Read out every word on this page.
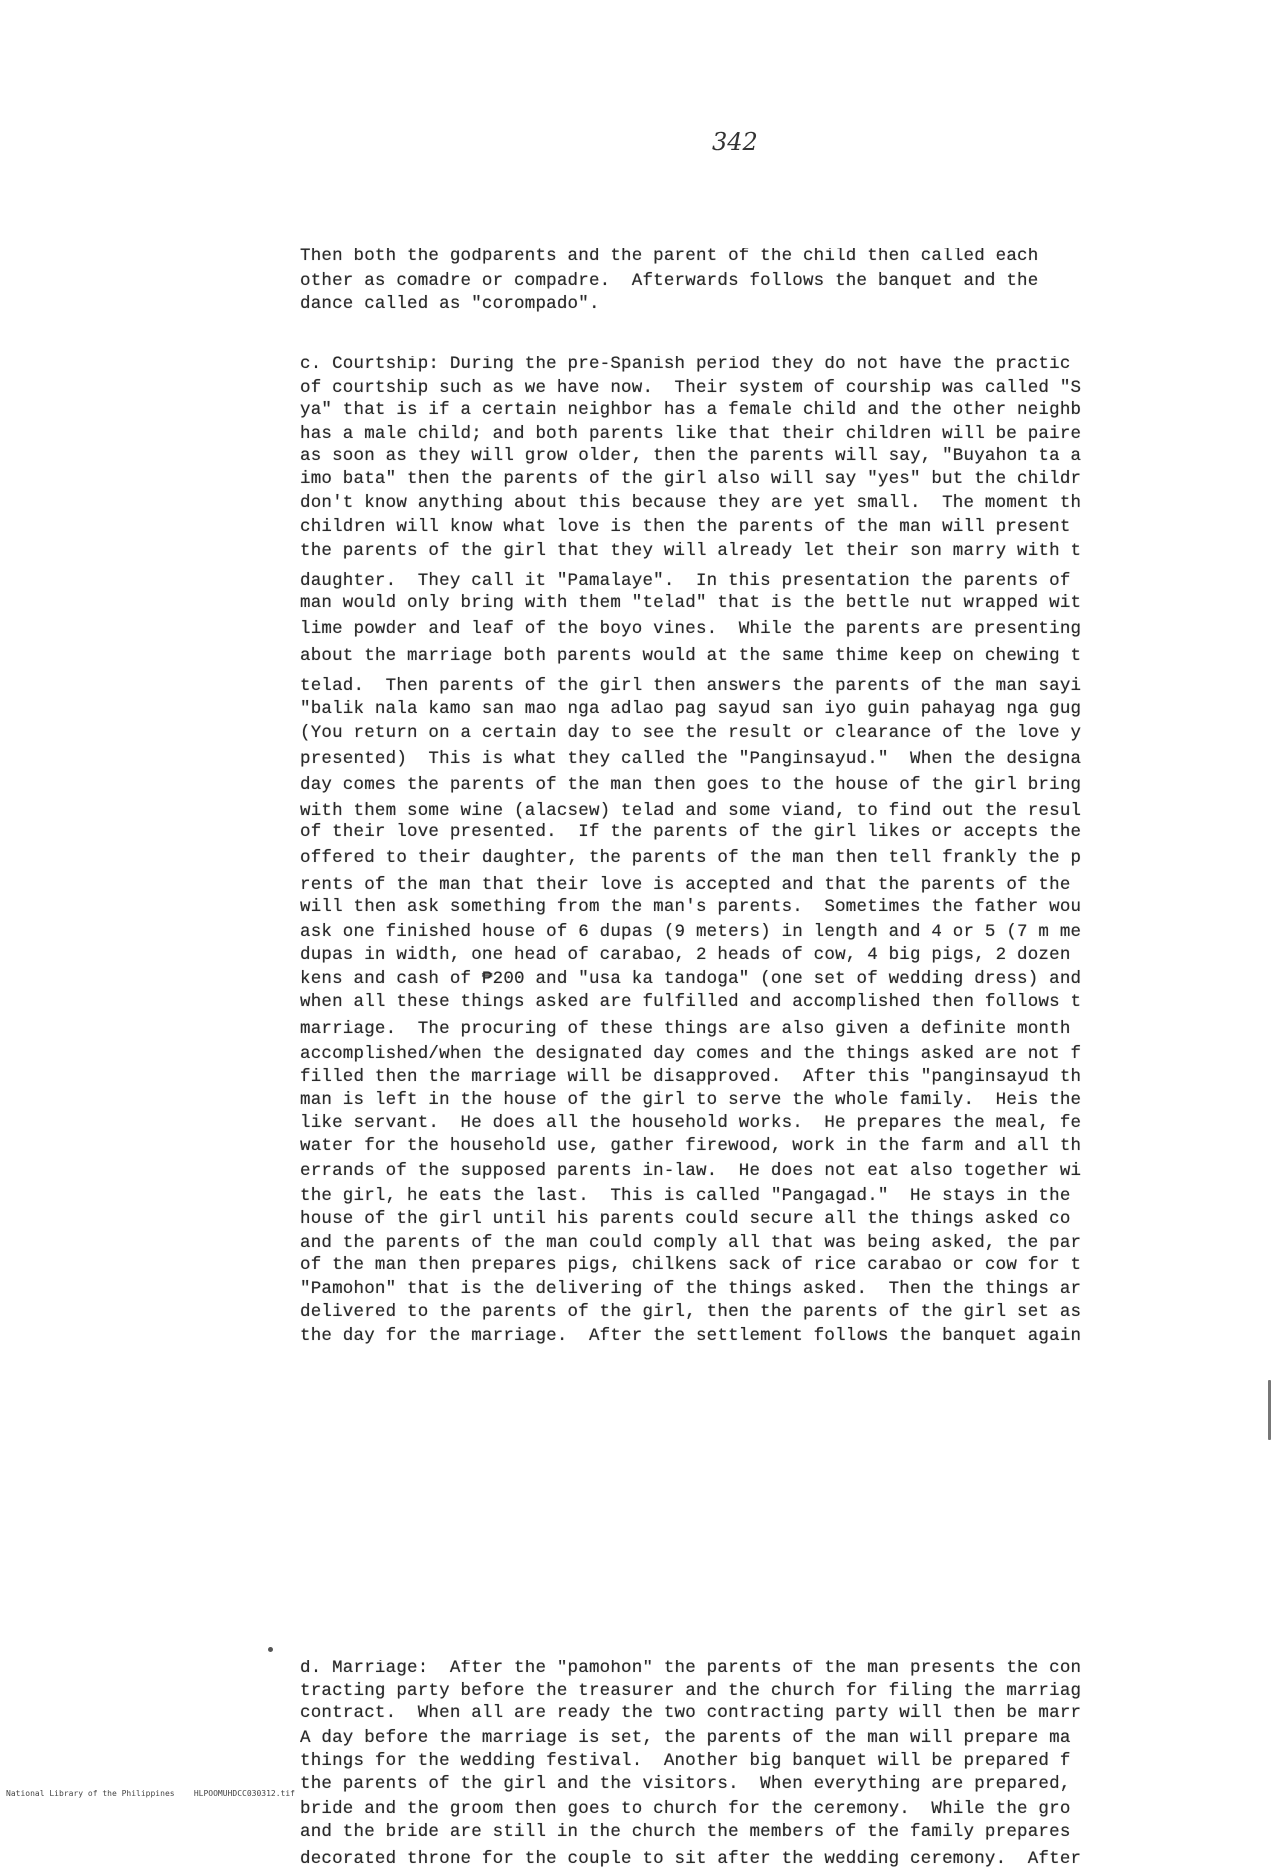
342
Then both the godparents and the parent of the child then called each
other as comadre or compadre.  Afterwards follows the banquet and the
dance called as "corompado".
c. Courtship: During the pre-Spanish period they do not have the practic
of courtship such as we have now.  Their system of courship was called "S
ya" that is if a certain neighbor has a female child and the other neighb
has a male child; and both parents like that their children will be paire
as soon as they will grow older, then the parents will say, "Buyahon ta a
imo bata" then the parents of the girl also will say "yes" but the childr
don't know anything about this because they are yet small.  The moment th
children will know what love is then the parents of the man will present
the parents of the girl that they will already let their son marry with t
daughter.  They call it "Pamalaye".  In this presentation the parents of
man would only bring with them "telad" that is the bettle nut wrapped wit
lime powder and leaf of the boyo vines.  While the parents are presenting
about the marriage both parents would at the same thime keep on chewing t
telad.  Then parents of the girl then answers the parents of the man sayi
"balik nala kamo san mao nga adlao pag sayud san iyo guin pahayag nga gug
(You return on a certain day to see the result or clearance of the love y
presented)  This is what they called the "Panginsayud."  When the designa
day comes the parents of the man then goes to the house of the girl bring
with them some wine (alacsew) telad and some viand, to find out the resul
of their love presented.  If the parents of the girl likes or accepts the
offered to their daughter, the parents of the man then tell frankly the p
rents of the man that their love is accepted and that the parents of the
will then ask something from the man's parents.  Sometimes the father wou
ask one finished house of 6 dupas (9 meters) in length and 4 or 5 (7 m me
dupas in width, one head of carabao, 2 heads of cow, 4 big pigs, 2 dozen
kens and cash of ₱200 and "usa ka tandoga" (one set of wedding dress) and
when all these things asked are fulfilled and accomplished then follows t
marriage.  The procuring of these things are also given a definite month
accomplished/when the designated day comes and the things asked are not f
filled then the marriage will be disapproved.  After this "panginsayud th
man is left in the house of the girl to serve the whole family.  Heis the
like servant.  He does all the household works.  He prepares the meal, fe
water for the household use, gather firewood, work in the farm and all th
errands of the supposed parents in-law.  He does not eat also together wi
the girl, he eats the last.  This is called "Pangagad."  He stays in the
house of the girl until his parents could secure all the things asked co
and the parents of the man could comply all that was being asked, the par
of the man then prepares pigs, chilkens sack of rice carabao or cow for t
"Pamohon" that is the delivering of the things asked.  Then the things ar
delivered to the parents of the girl, then the parents of the girl set as
the day for the marriage.  After the settlement follows the banquet again
d. Marriage:  After the "pamohon" the parents of the man presents the con
tracting party before the treasurer and the church for filing the marriag
contract.  When all are ready the two contracting party will then be marr
A day before the marriage is set, the parents of the man will prepare ma
things for the wedding festival.  Another big banquet will be prepared f
the parents of the girl and the visitors.  When everything are prepared,
bride and the groom then goes to church for the ceremony.  While the gro
and the bride are still in the church the members of the family prepares
decorated throne for the couple to sit after the wedding ceremony.  After
National Library of the Philippines    HLPOOMUHDCC030312.tif
